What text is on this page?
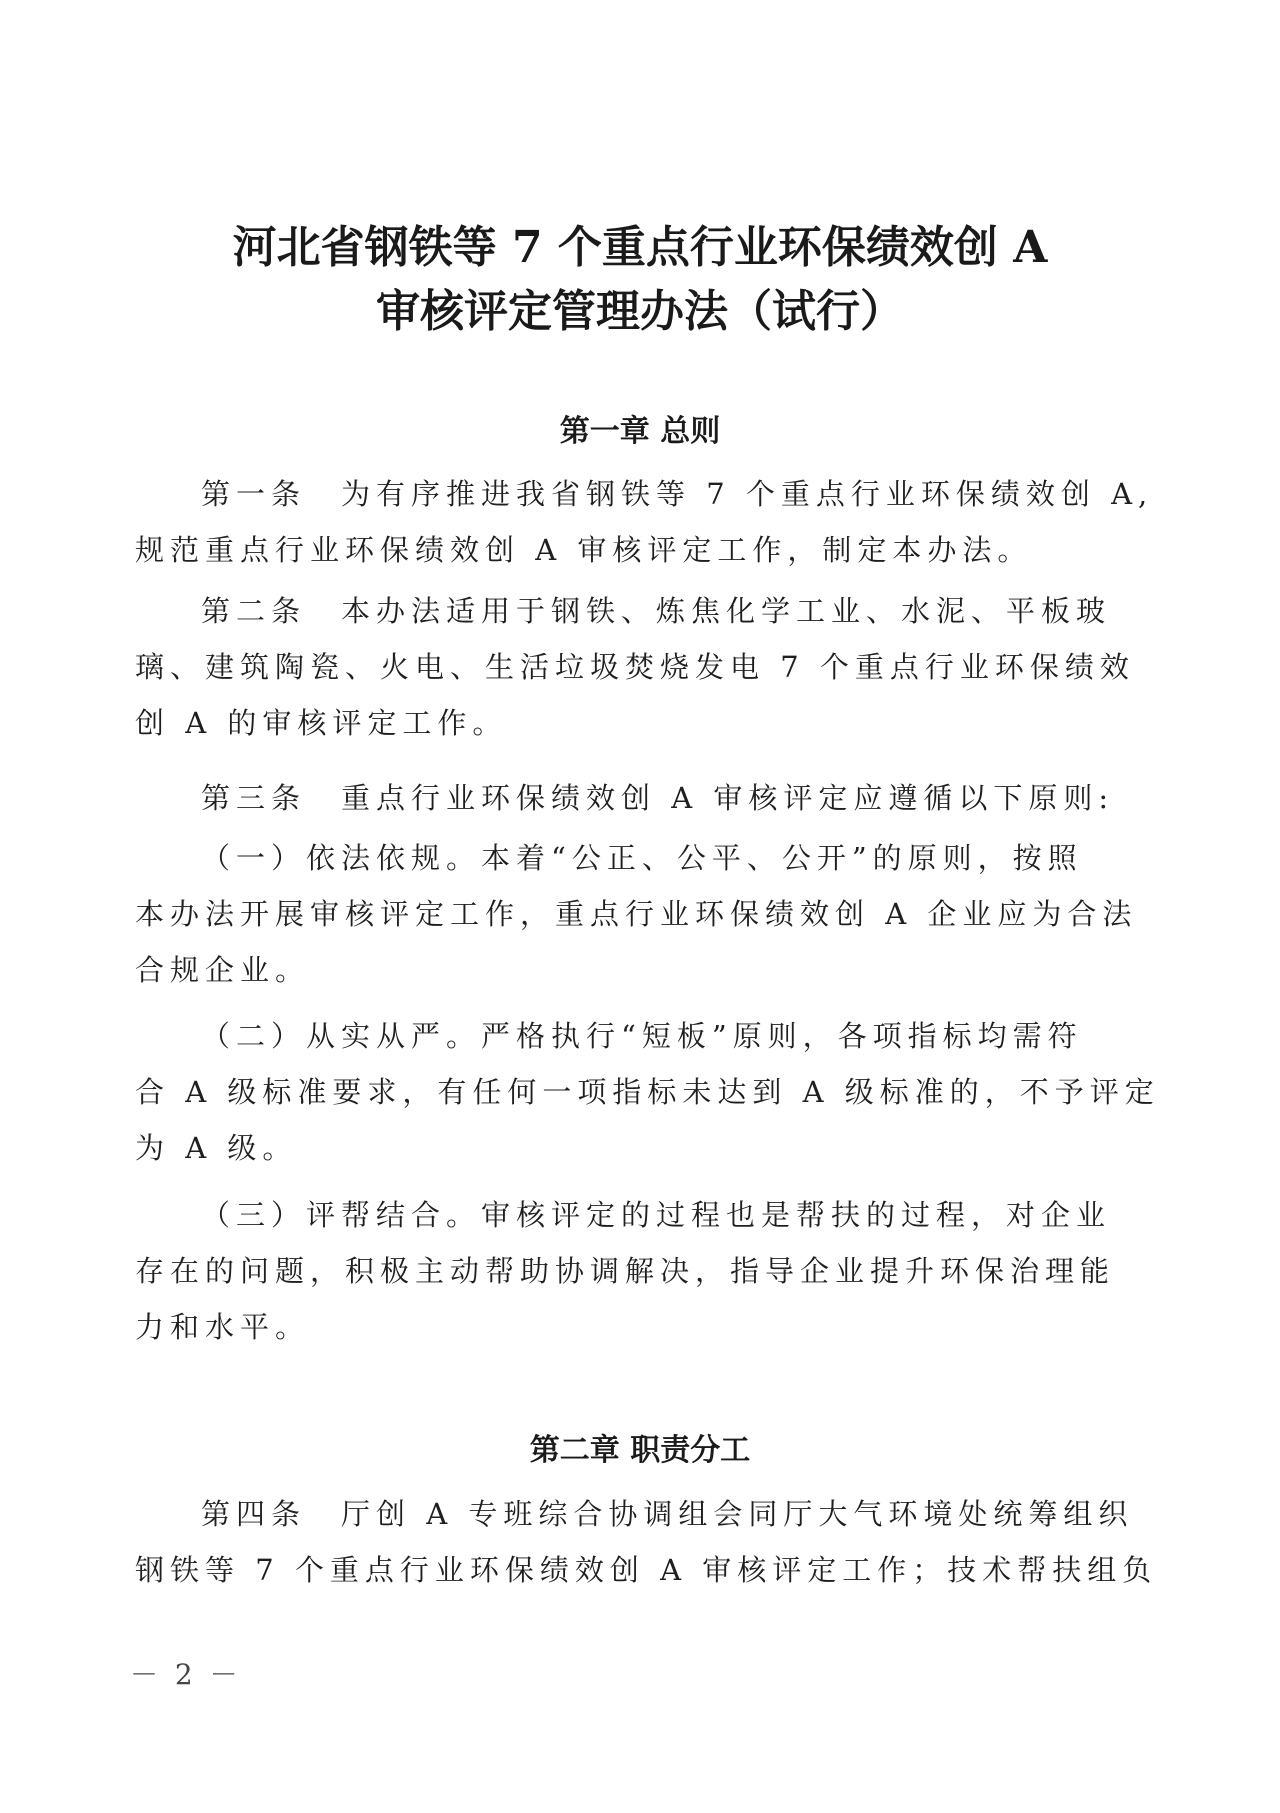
河北省钢铁等 7 个重点行业环保绩效创 A
审核评定管理办法（试行）
第一章 总则
第一条　为有序推进我省钢铁等 7 个重点行业环保绩效创 A,
规范重点行业环保绩效创 A 审核评定工作，制定本办法。
第二条　本办法适用于钢铁、炼焦化学工业、水泥、平板玻
璃、建筑陶瓷、火电、生活垃圾焚烧发电 7 个重点行业环保绩效
创 A 的审核评定工作。
第三条　重点行业环保绩效创 A 审核评定应遵循以下原则:
（一）依法依规。本着“公正、公平、公开”的原则，按照
本办法开展审核评定工作，重点行业环保绩效创 A 企业应为合法
合规企业。
（二）从实从严。严格执行“短板”原则，各项指标均需符
合 A 级标准要求，有任何一项指标未达到 A 级标准的，不予评定
为 A 级。
（三）评帮结合。审核评定的过程也是帮扶的过程，对企业
存在的问题，积极主动帮助协调解决，指导企业提升环保治理能
力和水平。
第二章 职责分工
第四条　厅创 A 专班综合协调组会同厅大气环境处统筹组织
钢铁等 7 个重点行业环保绩效创 A 审核评定工作；技术帮扶组负
－ 2 －
